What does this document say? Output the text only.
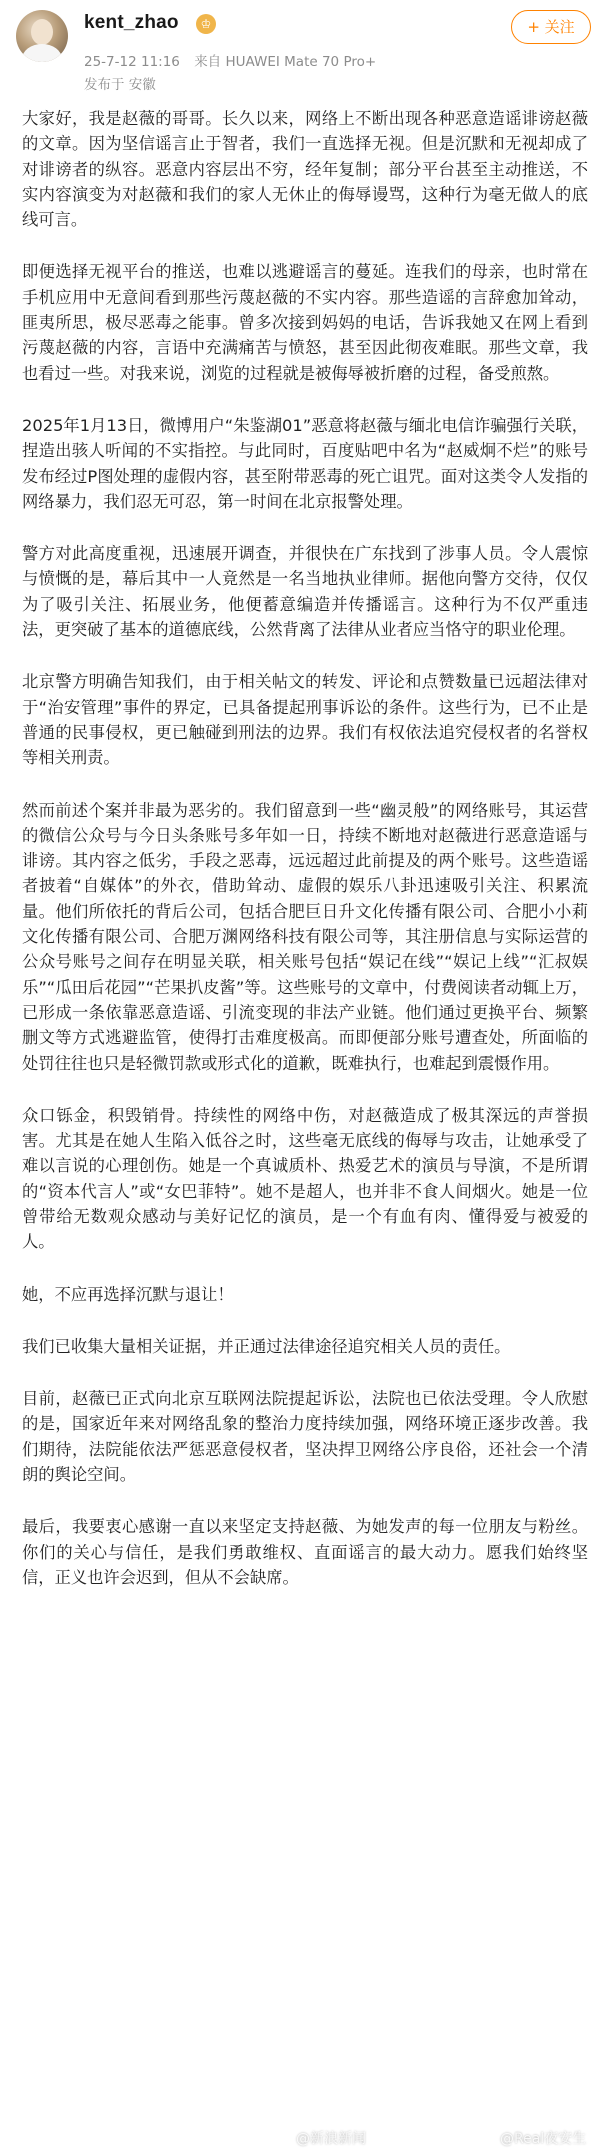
kent_zhao	♔
25-7-12 11:16 来自 HUAWEI Mate 70 Pro+
发布于 安徽
+ 关注

大家好，我是赵薇的哥哥。长久以来，网络上不断出现各种恶意造谣诽谤赵薇的文章。因为坚信谣言止于智者，我们一直选择无视。但是沉默和无视却成了对诽谤者的纵容。恶意内容层出不穷，经年复制；部分平台甚至主动推送，不实内容演变为对赵薇和我们的家人无休止的侮辱谩骂，这种行为毫无做人的底线可言。

即便选择无视平台的推送，也难以逃避谣言的蔓延。连我们的母亲，也时常在手机应用中无意间看到那些污蔑赵薇的不实内容。那些造谣的言辞愈加耸动，匪夷所思，极尽恶毒之能事。曾多次接到妈妈的电话，告诉我她又在网上看到污蔑赵薇的内容，言语中充满痛苦与愤怒，甚至因此彻夜难眠。那些文章，我也看过一些。对我来说，浏览的过程就是被侮辱被折磨的过程，备受煎熬。

2025年1月13日，微博用户“朱鉴湖01”恶意将赵薇与缅北电信诈骗强行关联，捏造出骇人听闻的不实指控。与此同时，百度贴吧中名为“赵威炯不烂”的账号发布经过P图处理的虚假内容，甚至附带恶毒的死亡诅咒。面对这类令人发指的网络暴力，我们忍无可忍，第一时间在北京报警处理。

警方对此高度重视，迅速展开调查，并很快在广东找到了涉事人员。令人震惊与愤慨的是，幕后其中一人竟然是一名当地执业律师。据他向警方交待，仅仅为了吸引关注、拓展业务，他便蓄意编造并传播谣言。这种行为不仅严重违法，更突破了基本的道德底线，公然背离了法律从业者应当恪守的职业伦理。

北京警方明确告知我们，由于相关帖文的转发、评论和点赞数量已远超法律对于“治安管理”事件的界定，已具备提起刑事诉讼的条件。这些行为，已不止是普通的民事侵权，更已触碰到刑法的边界。我们有权依法追究侵权者的名誉权等相关刑责。

然而前述个案并非最为恶劣的。我们留意到一些“幽灵般”的网络账号，其运营的微信公众号与今日头条账号多年如一日，持续不断地对赵薇进行恶意造谣与诽谤。其内容之低劣，手段之恶毒，远远超过此前提及的两个账号。这些造谣者披着“自媒体”的外衣，借助耸动、虚假的娱乐八卦迅速吸引关注、积累流量。他们所依托的背后公司，包括合肥巨日升文化传播有限公司、合肥小小莉文化传播有限公司、合肥万渊网络科技有限公司等，其注册信息与实际运营的公众号账号之间存在明显关联，相关账号包括“娱记在线”“娱记上线”“汇叔娱乐”“瓜田后花园”“芒果扒皮酱”等。这些账号的文章中，付费阅读者动辄上万，已形成一条依靠恶意造谣、引流变现的非法产业链。他们通过更换平台、频繁删文等方式逃避监管，使得打击难度极高。而即便部分账号遭查处，所面临的处罚往往也只是轻微罚款或形式化的道歉，既难执行，也难起到震慑作用。

众口铄金，积毁销骨。持续性的网络中伤，对赵薇造成了极其深远的声誉损害。尤其是在她人生陷入低谷之时，这些毫无底线的侮辱与攻击，让她承受了难以言说的心理创伤。她是一个真诚质朴、热爱艺术的演员与导演，不是所谓的“资本代言人”或“女巴菲特”。她不是超人，也并非不食人间烟火。她是一位曾带给无数观众感动与美好记忆的演员，是一个有血有肉、懂得爱与被爱的人。

她，不应再选择沉默与退让！

我们已收集大量相关证据，并正通过法律途径追究相关人员的责任。

目前，赵薇已正式向北京互联网法院提起诉讼，法院也已依法受理。令人欣慰的是，国家近年来对网络乱象的整治力度持续加强，网络环境正逐步改善。我们期待，法院能依法严惩恶意侵权者，坚决捍卫网络公序良俗，还社会一个清朗的舆论空间。

最后，我要衷心感谢一直以来坚定支持赵薇、为她发声的每一位朋友与粉丝。你们的关心与信任，是我们勇敢维权、直面谣言的最大动力。愿我们始终坚信，正义也许会迟到，但从不会缺席。

@新浪新闻	@Real夜安生
